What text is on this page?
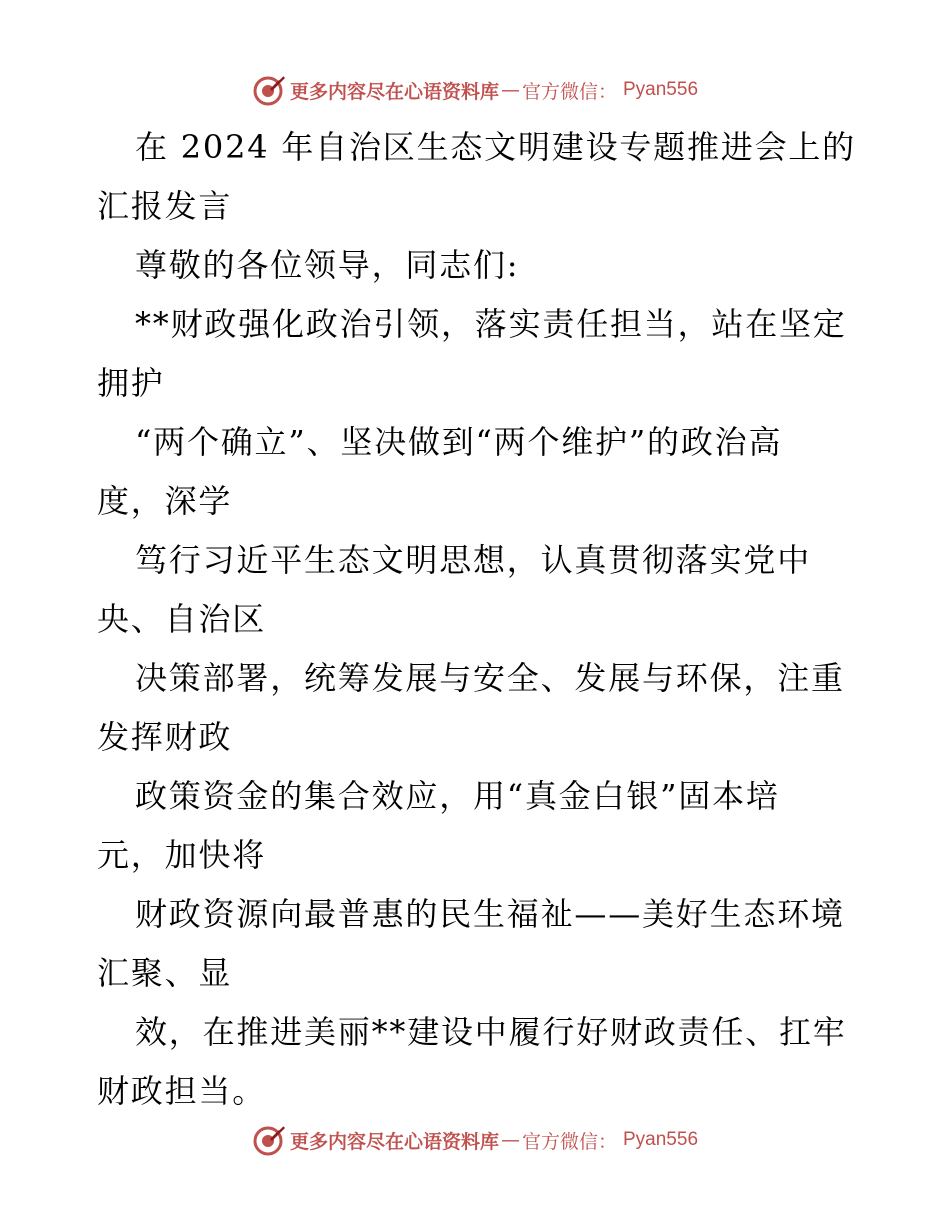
更多内容尽在心语资料库 — 官方微信： Pyan556
在 2024 年自治区生态文明建设专题推进会上的
汇报发言
尊敬的各位领导，同志们:
**财政强化政治引领，落实责任担当，站在坚定
拥护
“两个确立”、坚决做到“两个维护”的政治高
度，深学
笃行习近平生态文明思想，认真贯彻落实党中
央、自治区
决策部署，统筹发展与安全、发展与环保，注重
发挥财政
政策资金的集合效应，用“真金白银”固本培
元，加快将
财政资源向最普惠的民生福祉——美好生态环境
汇聚、显
效，在推进美丽**建设中履行好财政责任、扛牢
财政担当。
更多内容尽在心语资料库 — 官方微信： Pyan556
